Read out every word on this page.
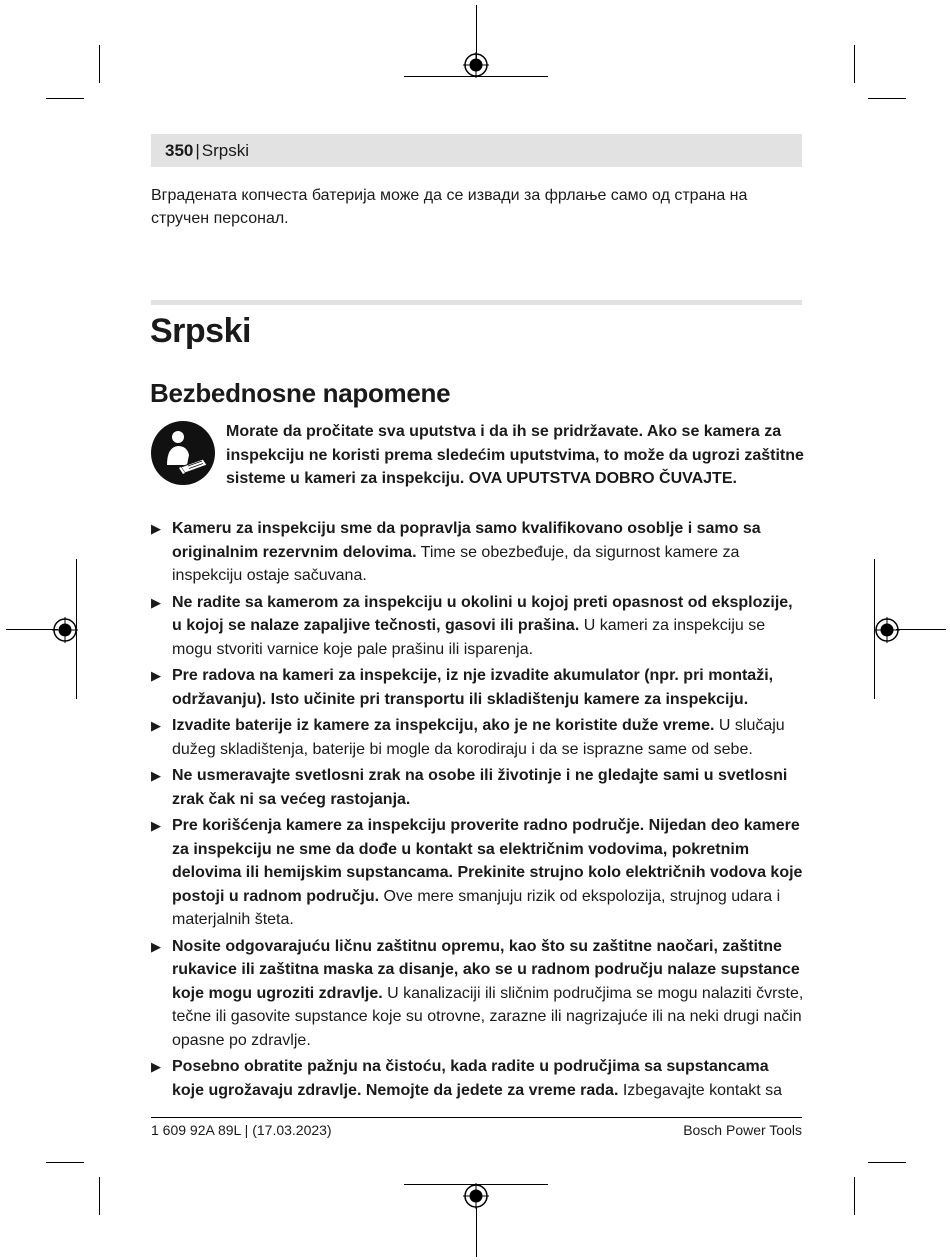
350 | Srpski
Вградената копчеста батерија може да се извади за фрлање само од страна на стручен персонал.
Srpski
Bezbednosne napomene
Morate da pročitate sva uputstva i da ih se pridržavate. Ako se kamera za inspekciju ne koristi prema sledećim uputstvima, to može da ugrozi zaštitne sisteme u kameri za inspekciju. OVA UPUTSTVA DOBRO ČUVAJTE.
▶ Kameru za inspekciju sme da popravlja samo kvalifikovano osoblje i samo sa originalnim rezervnim delovima. Time se obezbeđuje, da sigurnost kamere za inspekciju ostaje sačuvana.
▶ Ne radite sa kamerom za inspekciju u okolini u kojoj preti opasnost od eksplozije, u kojoj se nalaze zapaljive tečnosti, gasovi ili prašina. U kameri za inspekciju se mogu stvoriti varnice koje pale prašinu ili isparenja.
▶ Pre radova na kameri za inspekcije, iz nje izvadite akumulator (npr. pri montaži, održavanju). Isto učinite pri transportu ili skladištenju kamere za inspekciju.
▶ Izvadite baterije iz kamere za inspekciju, ako je ne koristite duže vreme. U slučaju dužeg skladištenja, baterije bi mogle da korodiraju i da se isprazne same od sebe.
▶ Ne usmeravajte svetlosni zrak na osobe ili životinje i ne gledajte sami u svetlosni zrak čak ni sa većeg rastojanja.
▶ Pre korišćenja kamere za inspekciju proverite radno područje. Nijedan deo kamere za inspekciju ne sme da dođe u kontakt sa električnim vodovima, pokretnim delovima ili hemijskim supstancama. Prekinite strujno kolo električnih vodova koje postoji u radnom području. Ove mere smanjuju rizik od ekspolozija, strujnog udara i materjalnih šteta.
▶ Nosite odgovarajuću ličnu zaštitnu opremu, kao što su zaštitne naočari, zaštitne rukavice ili zaštitna maska za disanje, ako se u radnom području nalaze supstance koje mogu ugroziti zdravlje. U kanalizaciji ili sličnim područjima se mogu nalaziti čvrste, tečne ili gasovite supstance koje su otrovne, zarazne ili nagrizajuće ili na neki drugi način opasne po zdravlje.
▶ Posebno obratite pažnju na čistoću, kada radite u područjima sa supstancama koje ugrožavaju zdravlje. Nemojte da jedete za vreme rada. Izbegavajte kontakt sa
1 609 92A 89L | (17.03.2023)	Bosch Power Tools
